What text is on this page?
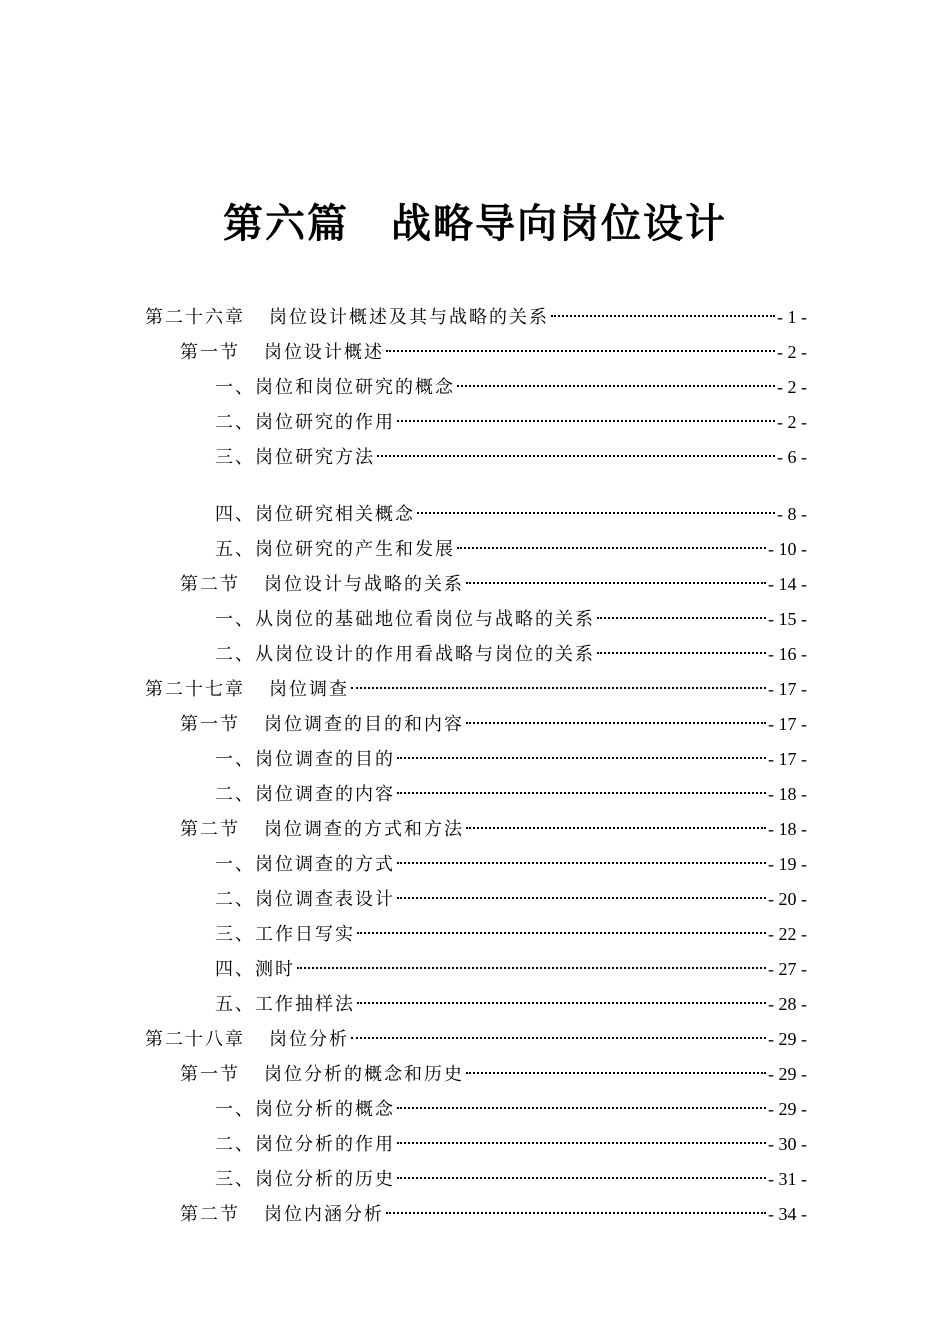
第六篇　战略导向岗位设计
第二十六章 岗位设计概述及其与战略的关系	- 1 -
第一节 岗位设计概述	- 2 -
一、岗位和岗位研究的概念	- 2 -
二、岗位研究的作用	- 2 -
三、岗位研究方法	- 6 -
四、岗位研究相关概念	- 8 -
五、岗位研究的产生和发展	- 10 -
第二节 岗位设计与战略的关系	- 14 -
一、从岗位的基础地位看岗位与战略的关系	- 15 -
二、从岗位设计的作用看战略与岗位的关系	- 16 -
第二十七章 岗位调查	- 17 -
第一节 岗位调查的目的和内容	- 17 -
一、岗位调查的目的	- 17 -
二、岗位调查的内容	- 18 -
第二节 岗位调查的方式和方法	- 18 -
一、岗位调查的方式	- 19 -
二、岗位调查表设计	- 20 -
三、工作日写实	- 22 -
四、测时	- 27 -
五、工作抽样法	- 28 -
第二十八章 岗位分析	- 29 -
第一节 岗位分析的概念和历史	- 29 -
一、岗位分析的概念	- 29 -
二、岗位分析的作用	- 30 -
三、岗位分析的历史	- 31 -
第二节 岗位内涵分析	- 34 -
